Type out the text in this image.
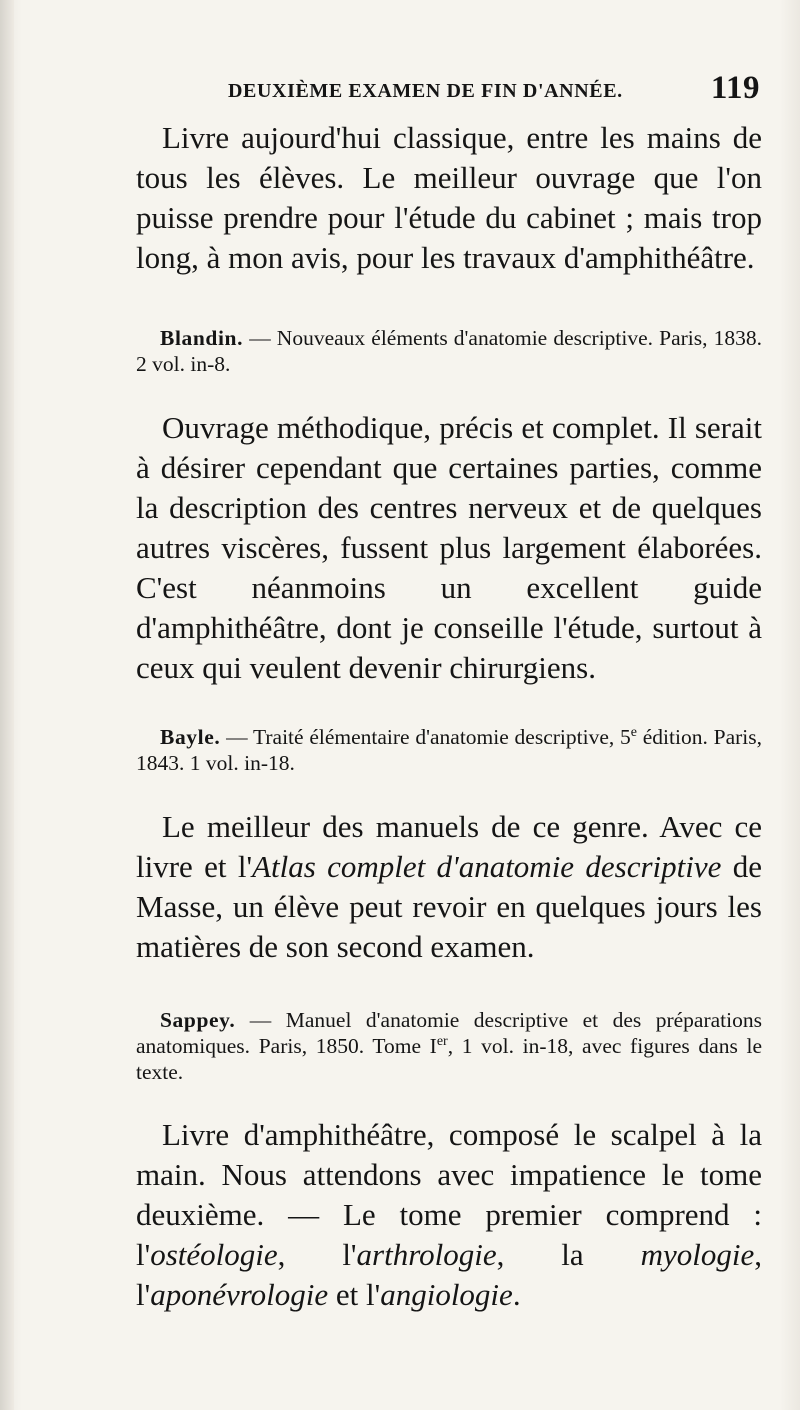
DEUXIÈME EXAMEN DE FIN D'ANNÉE.	119

Livre aujourd'hui classique, entre les mains de tous les élèves. Le meilleur ouvrage que l'on puisse prendre pour l'étude du cabinet ; mais trop long, à mon avis, pour les travaux d'amphithéâtre.

Blandin. — Nouveaux éléments d'anatomie descriptive. Paris, 1838. 2 vol. in-8.

Ouvrage méthodique, précis et complet. Il serait à désirer cependant que certaines parties, comme la description des centres nerveux et de quelques autres viscères, fussent plus largement élaborées. C'est néanmoins un excellent guide d'amphithéâtre, dont je conseille l'étude, surtout à ceux qui veulent devenir chirurgiens.

Bayle. — Traité élémentaire d'anatomie descriptive, 5e édition. Paris, 1843. 1 vol. in-18.

Le meilleur des manuels de ce genre. Avec ce livre et l'Atlas complet d'anatomie descriptive de Masse, un élève peut revoir en quelques jours les matières de son second examen.

Sappey. — Manuel d'anatomie descriptive et des préparations anatomiques. Paris, 1850. Tome Ier, 1 vol. in-18, avec figures dans le texte.

Livre d'amphithéâtre, composé le scalpel à la main. Nous attendons avec impatience le tome deuxième. — Le tome premier comprend : l'ostéologie, l'arthrologie, la myologie, l'aponévrologie et l'angiologie.
